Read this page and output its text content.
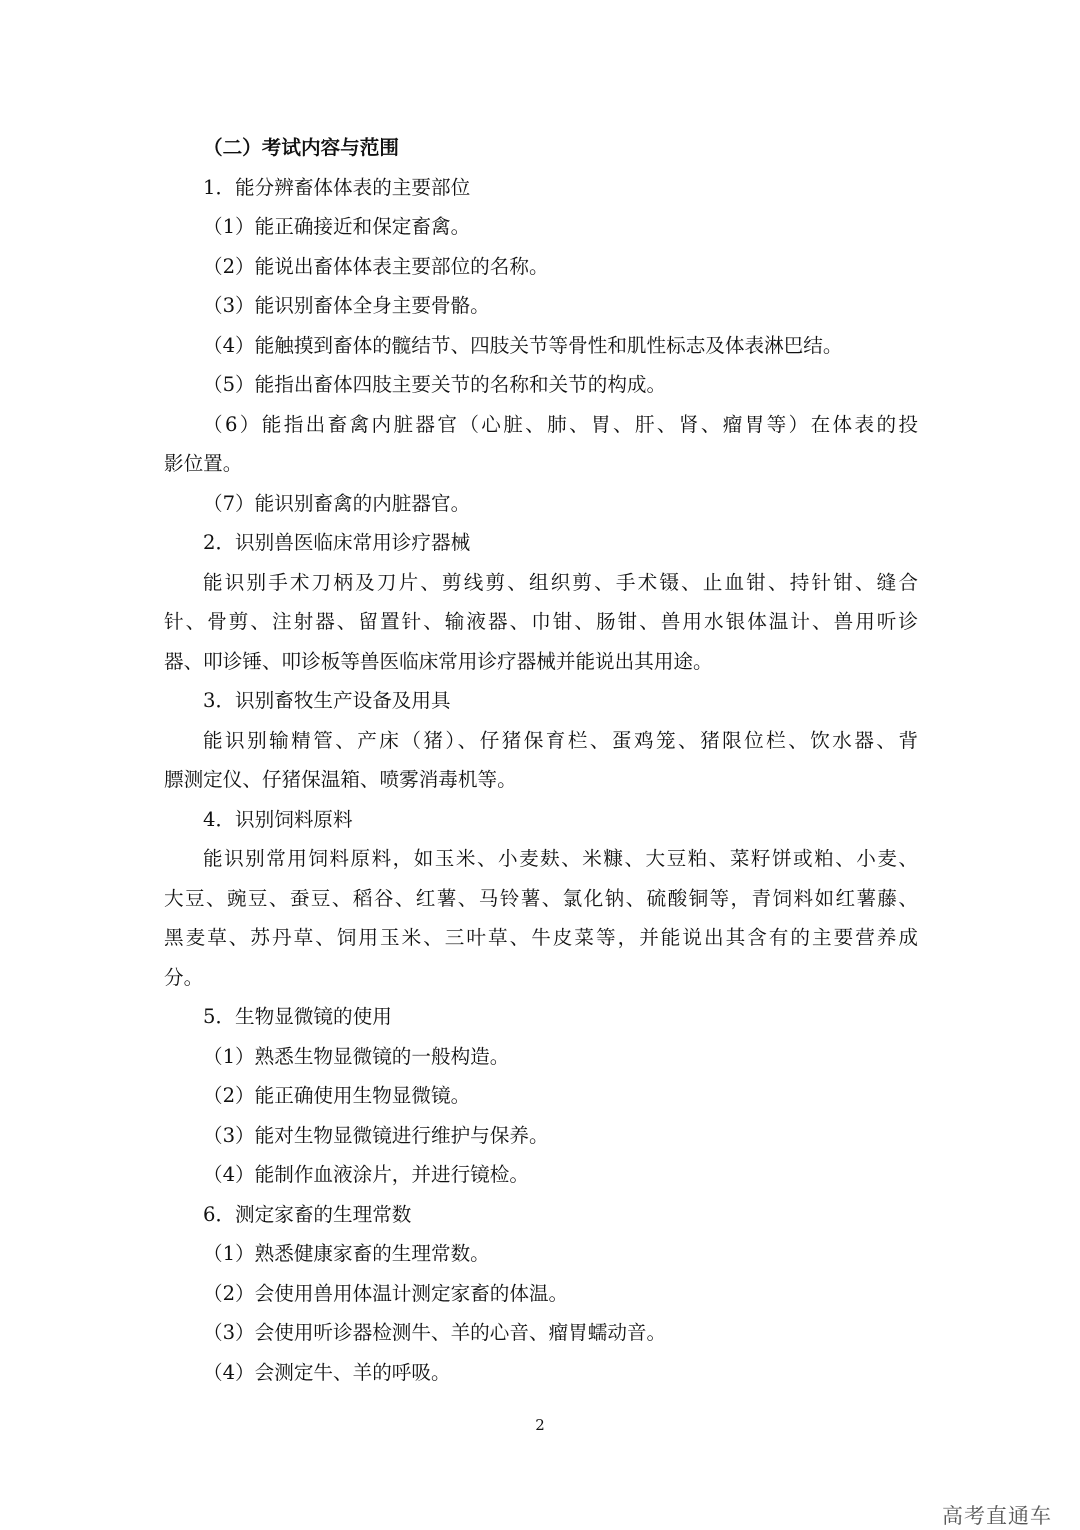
（二）考试内容与范围
1．能分辨畜体体表的主要部位
（1）能正确接近和保定畜禽。
（2）能说出畜体体表主要部位的名称。
（3）能识别畜体全身主要骨骼。
（4）能触摸到畜体的髋结节、四肢关节等骨性和肌性标志及体表淋巴结。
（5）能指出畜体四肢主要关节的名称和关节的构成。
（6）能指出畜禽内脏器官（心脏、肺、胃、肝、肾、瘤胃等）在体表的投
影位置。
（7）能识别畜禽的内脏器官。
2．识别兽医临床常用诊疗器械
能识别手术刀柄及刀片、剪线剪、组织剪、手术镊、止血钳、持针钳、缝合
针、骨剪、注射器、留置针、输液器、巾钳、肠钳、兽用水银体温计、兽用听诊
器、叩诊锤、叩诊板等兽医临床常用诊疗器械并能说出其用途。
3．识别畜牧生产设备及用具
能识别输精管、产床（猪）、仔猪保育栏、蛋鸡笼、猪限位栏、饮水器、背
膘测定仪、仔猪保温箱、喷雾消毒机等。
4．识别饲料原料
能识别常用饲料原料，如玉米、小麦麸、米糠、大豆粕、菜籽饼或粕、小麦、
大豆、豌豆、蚕豆、稻谷、红薯、马铃薯、氯化钠、硫酸铜等，青饲料如红薯藤、
黑麦草、苏丹草、饲用玉米、三叶草、牛皮菜等，并能说出其含有的主要营养成
分。
5．生物显微镜的使用
（1）熟悉生物显微镜的一般构造。
（2）能正确使用生物显微镜。
（3）能对生物显微镜进行维护与保养。
（4）能制作血液涂片，并进行镜检。
6．测定家畜的生理常数
（1）熟悉健康家畜的生理常数。
（2）会使用兽用体温计测定家畜的体温。
（3）会使用听诊器检测牛、羊的心音、瘤胃蠕动音。
（4）会测定牛、羊的呼吸。
2
高考直通车
